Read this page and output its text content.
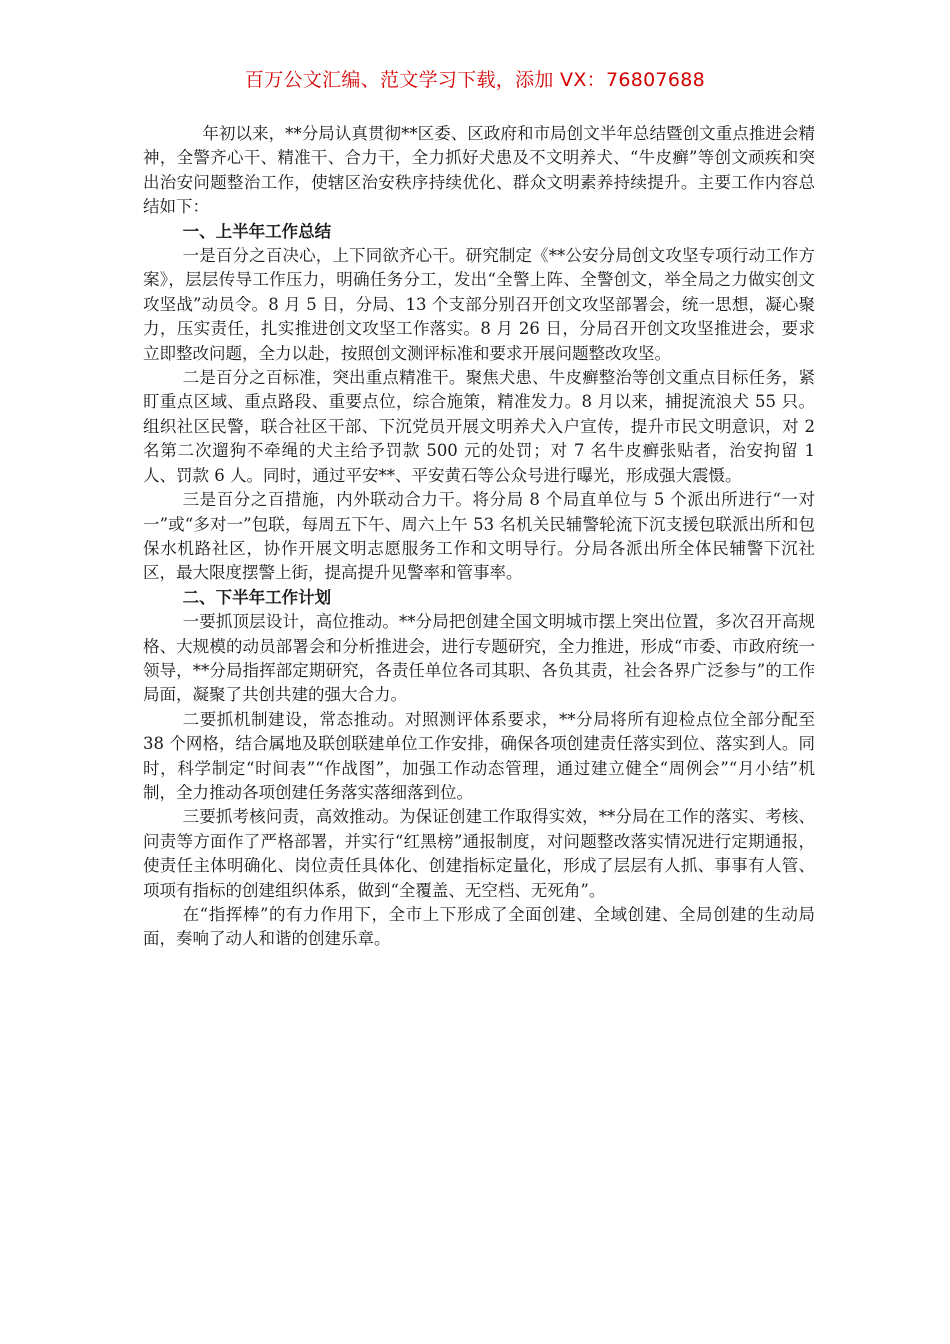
百万公文汇编、范文学习下载，添加 VX：76807688

年初以来，**分局认真贯彻**区委、区政府和市局创文半年总结暨创文重点推进会精神，全警齐心干、精准干、合力干，全力抓好犬患及不文明养犬、“牛皮癣”等创文顽疾和突出治安问题整治工作，使辖区治安秩序持续优化、群众文明素养持续提升。主要工作内容总结如下：

一、上半年工作总结

一是百分之百决心，上下同欲齐心干。研究制定《**公安分局创文攻坚专项行动工作方案》，层层传导工作压力，明确任务分工，发出“全警上阵、全警创文，举全局之力做实创文攻坚战”动员令。8 月 5 日，分局、13 个支部分别召开创文攻坚部署会，统一思想，凝心聚力，压实责任，扎实推进创文攻坚工作落实。8 月 26 日，分局召开创文攻坚推进会，要求立即整改问题，全力以赴，按照创文测评标准和要求开展问题整改攻坚。

二是百分之百标准，突出重点精准干。聚焦犬患、牛皮癣整治等创文重点目标任务，紧盯重点区域、重点路段、重要点位，综合施策，精准发力。8 月以来，捕捉流浪犬 55 只。组织社区民警，联合社区干部、下沉党员开展文明养犬入户宣传，提升市民文明意识，对 2 名第二次遛狗不牵绳的犬主给予罚款 500 元的处罚；对 7 名牛皮癣张贴者，治安拘留 1 人、罚款 6 人。同时，通过平安**、平安黄石等公众号进行曝光，形成强大震慑。

三是百分之百措施，内外联动合力干。将分局 8 个局直单位与 5 个派出所进行“一对一”或“多对一”包联，每周五下午、周六上午 53 名机关民辅警轮流下沉支援包联派出所和包保水机路社区，协作开展文明志愿服务工作和文明导行。分局各派出所全体民辅警下沉社区，最大限度摆警上街，提高提升见警率和管事率。

二、下半年工作计划

一要抓顶层设计，高位推动。**分局把创建全国文明城市摆上突出位置，多次召开高规格、大规模的动员部署会和分析推进会，进行专题研究，全力推进，形成“市委、市政府统一领导，**分局指挥部定期研究，各责任单位各司其职、各负其责，社会各界广泛参与”的工作局面，凝聚了共创共建的强大合力。

二要抓机制建设，常态推动。对照测评体系要求，**分局将所有迎检点位全部分配至 38 个网格，结合属地及联创联建单位工作安排，确保各项创建责任落实到位、落实到人。同时，科学制定“时间表”“作战图”，加强工作动态管理，通过建立健全“周例会”“月小结”机制，全力推动各项创建任务落实落细落到位。

三要抓考核问责，高效推动。为保证创建工作取得实效，**分局在工作的落实、考核、问责等方面作了严格部署，并实行“红黑榜”通报制度，对问题整改落实情况进行定期通报，使责任主体明确化、岗位责任具体化、创建指标定量化，形成了层层有人抓、事事有人管、项项有指标的创建组织体系，做到“全覆盖、无空档、无死角”。

在“指挥棒”的有力作用下，全市上下形成了全面创建、全域创建、全局创建的生动局面，奏响了动人和谐的创建乐章。
